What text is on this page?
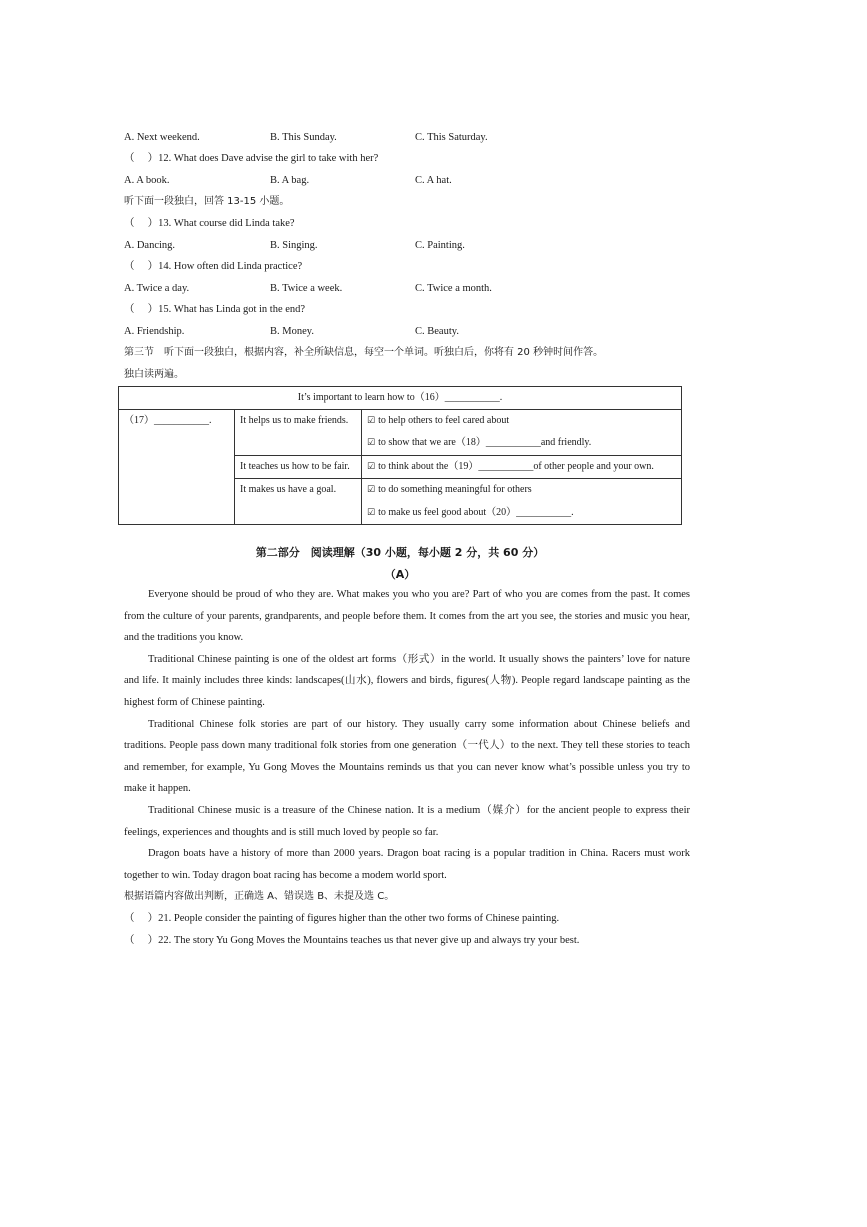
A. Next weekend.	B. This Sunday.	C. This Saturday.
（　 ）12. What does Dave advise the girl to take with her?
A. A book.	B. A bag.	C. A hat.
听下面一段独白，回答 13-15 小题。
（　 ）13. What course did Linda take?
A. Dancing.	B. Singing.	C. Painting.
（　 ）14. How often did Linda practice?
A. Twice a day.	B. Twice a week.	C. Twice a month.
（　 ）15. What has Linda got in the end?
A. Friendship.	B. Money.	C. Beauty.
第三节　听下面一段独白，根据内容，补全所缺信息，每空一个单词。听独白后，你将有 20 秒钟时间作答。
独白读两遍。
It’s important to learn how to（16）___________.		
（17）___________.	It helps us to make friends.	☑ to help others to feel cared about
☑ to show that we are（18）___________and friendly.

	It teaches us how to be fair.	☑ to think about the（19）___________of other people and your own.

	It makes us have a goal.	☑ to do something meaningful for others
☑ to make us feel good about（20）___________.
第二部分　阅读理解（30 小题，每小题 2 分，共 60 分）
（A）

Everyone should be proud of who they are. What makes you who you are? Part of who you are comes from the past. It comes from the culture of your parents, grandparents, and people before them. It comes from the art you see, the stories and music you hear, and the traditions you know.

Traditional Chinese painting is one of the oldest art forms（形式）in the world. It usually shows the painters’ love for nature and life. It mainly includes three kinds: landscapes(山水), flowers and birds, figures(人物). People regard landscape painting as the highest form of Chinese painting.

Traditional Chinese folk stories are part of our history. They usually carry some information about Chinese beliefs and traditions. People pass down many traditional folk stories from one generation（一代人）to the next. They tell these stories to teach and remember, for example, Yu Gong Moves the Mountains reminds us that you can never know what’s possible unless you try to make it happen.

Traditional Chinese music is a treasure of the Chinese nation. It is a medium（媒介）for the ancient people to express their feelings, experiences and thoughts and is still much loved by people so far.

Dragon boats have a history of more than 2000 years. Dragon boat racing is a popular tradition in China. Racers must work together to win. Today dragon boat racing has become a modem world sport.

根据语篇内容做出判断，正确选 A、错误选 B、未提及选 C。
（　 ）21. People consider the painting of figures higher than the other two forms of Chinese painting.
（　 ）22. The story Yu Gong Moves the Mountains teaches us that never give up and always try your best.
